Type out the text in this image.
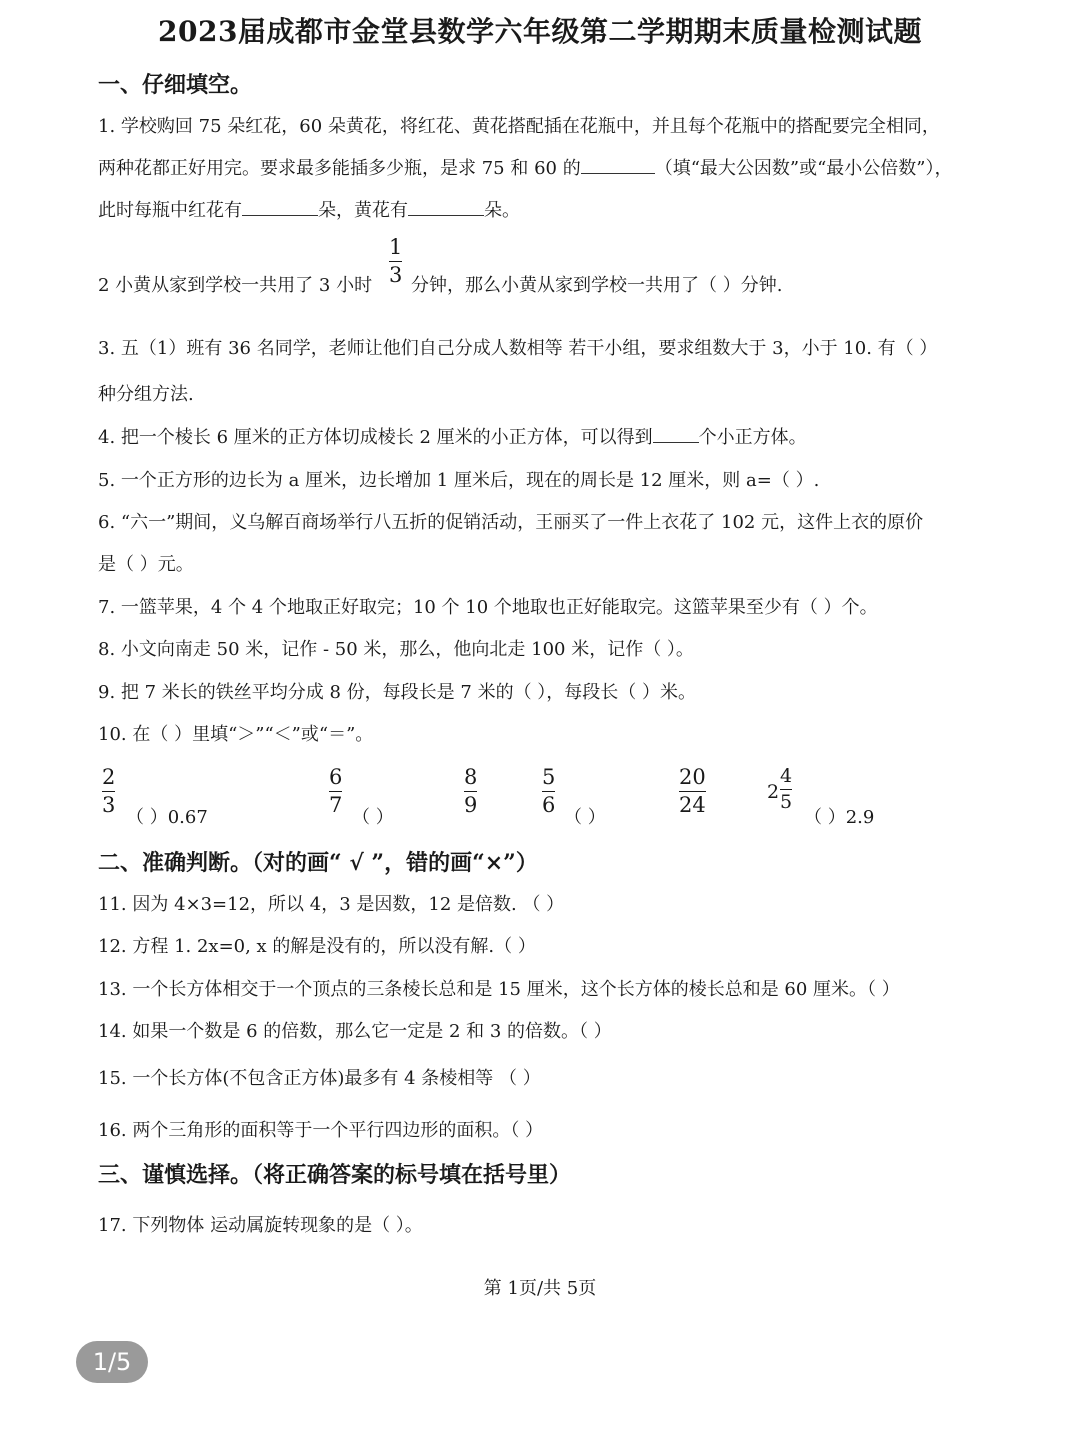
2023届成都市金堂县数学六年级第二学期期末质量检测试题
一、仔细填空。
1. 学校购回 75 朵红花，60 朵黄花，将红花、黄花搭配插在花瓶中，并且每个花瓶中的搭配要完全相同，
两种花都正好用完。要求最多能插多少瓶，是求 75 和 60 的	（填“最大公因数”或“最小公倍数”），
此时每瓶中红花有	朵，黄花有	朵。
2 小黄从家到学校一共用了 3 小时
1
3 分钟，那么小黄从家到学校一共用了（ ）分钟.
3. 五（1）班有 36 名同学，老师让他们自己分成人数相等 若干小组，要求组数大于 3，小于 10. 有（ ）
种分组方法.
4. 把一个棱长 6 厘米的正方体切成棱长 2 厘米的小正方体，可以得到	个小正方体。
5. 一个正方形的边长为 a 厘米，边长增加 1 厘米后，现在的周长是 12 厘米，则 a=（ ）.
6. “六一”期间，义乌解百商场举行八五折的促销活动，王丽买了一件上衣花了 102 元，这件上衣的原价
是（ ）元。
7. 一篮苹果，4 个 4 个地取正好取完；10 个 10 个地取也正好能取完。这篮苹果至少有（ ）个。
8. 小文向南走 50 米，记作 - 50 米，那么，他向北走 100 米，记作（ ）。
9. 把 7 米长的铁丝平均分成 8 份，每段长是 7 米的（ ），每段长（ ）米。
10. 在（ ）里填“＞”“＜”或“＝”。
2
3
（ ）0.67
6
7
（ ）
8
9
5
6
（ ）
20
24
2
4
5
（ ）2.9
二、准确判断。（对的画“ √ ”，错的画“×”）
11. 因为 4×3=12，所以 4，3 是因数，12 是倍数. （ ）
12. 方程 1. 2x=0, x 的解是没有的，所以没有解.（ ）
13. 一个长方体相交于一个顶点的三条棱长总和是 15 厘米，这个长方体的棱长总和是 60 厘米。（ ）
14. 如果一个数是 6 的倍数，那么它一定是 2 和 3 的倍数。（ ）
15. 一个长方体(不包含正方体)最多有 4 条棱相等 （ ）
16. 两个三角形的面积等于一个平行四边形的面积。（ ）
三、谨慎选择。（将正确答案的标号填在括号里）
17. 下列物体 运动属旋转现象的是（ ）。
第 1页/共 5页
1/5
